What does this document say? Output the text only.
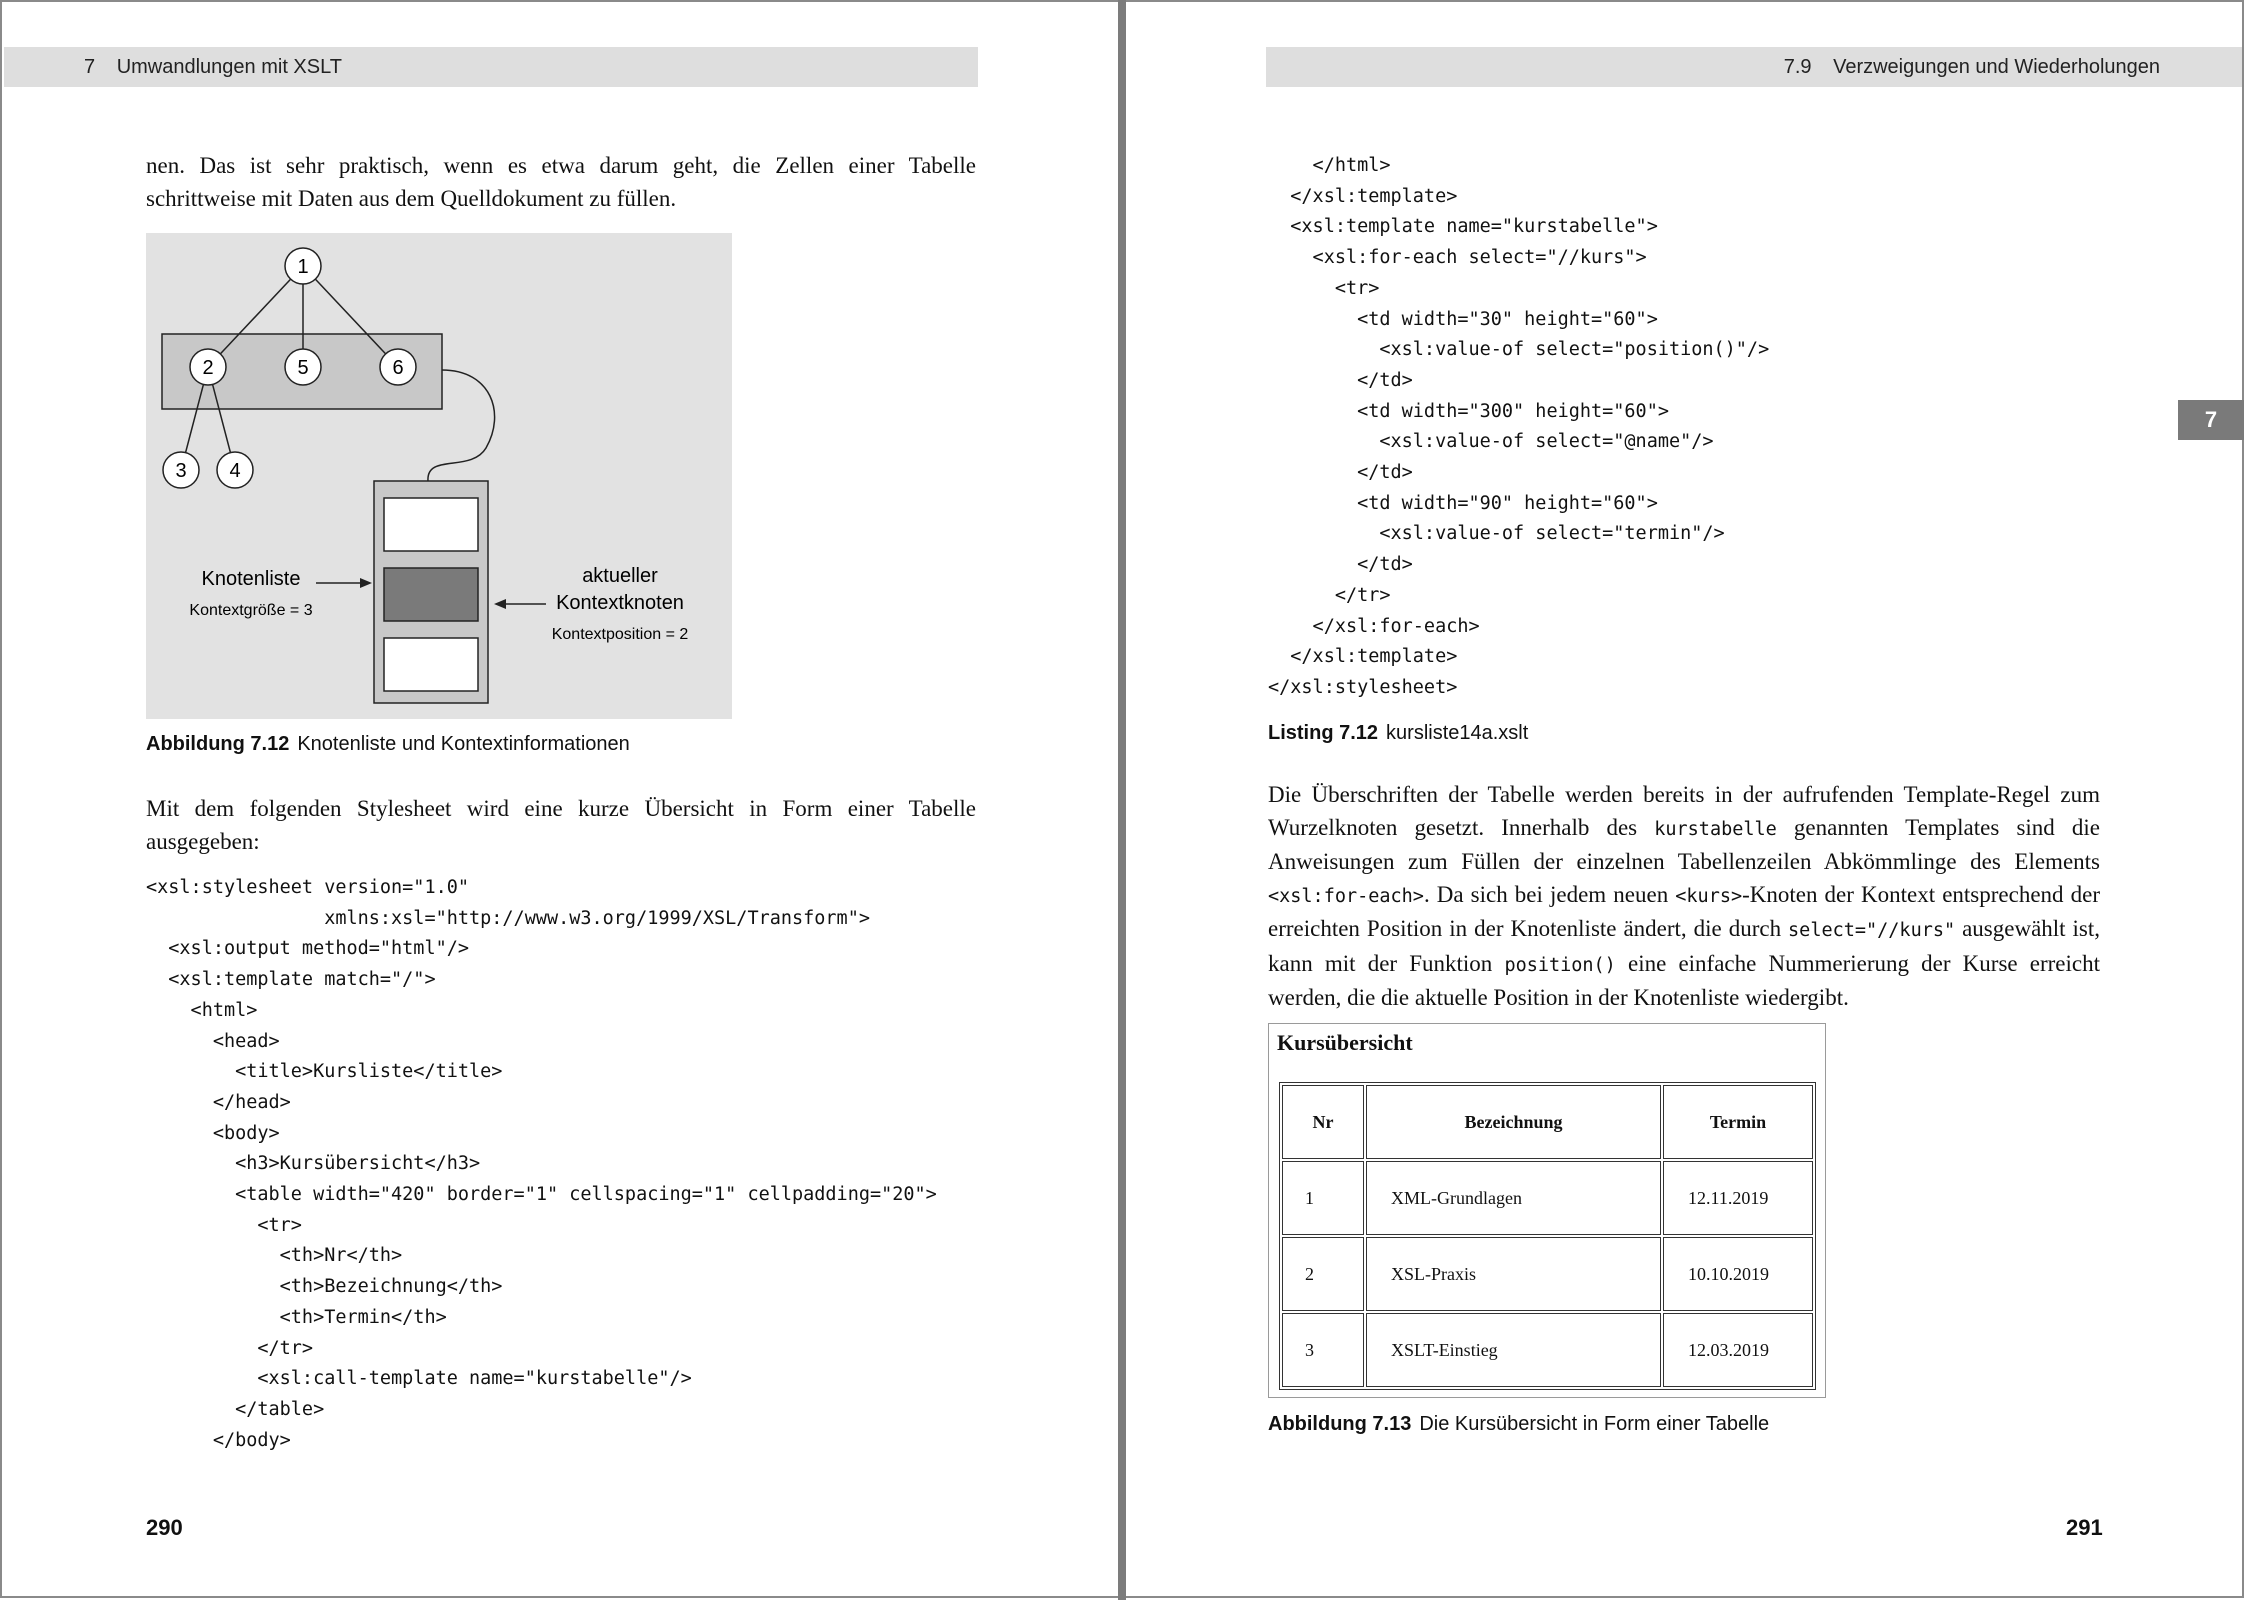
7 Umwandlungen mit XSLT
nen. Das ist sehr praktisch, wenn es etwa darum geht, die Zellen einer Tabelle schrittweise mit Daten aus dem Quelldokument zu füllen.
1
2	5	6
3 4
Knotenliste
Kontextgröße = 3
aktueller
Kontextknoten
Kontextposition = 2
Abbildung 7.12 Knotenliste und Kontextinformationen
Mit dem folgenden Stylesheet wird eine kurze Übersicht in Form einer Tabelle ausgegeben:
<xsl:stylesheet version="1.0"
xmlns:xsl="http://www.w3.org/1999/XSL/Transform">
<xsl:output method="html"/>
<xsl:template match="/">
<html>
<head>
<title>Kursliste</title>
</head>
<body>
<h3>Kursübersicht</h3>
<table width="420" border="1" cellspacing="1" cellpadding="20">
<tr>
<th>Nr</th>
<th>Bezeichnung</th>
<th>Termin</th>
</tr>
<xsl:call-template name="kurstabelle"/>
</table>
</body>
290
7.9 Verzweigungen und Wiederholungen
7
</html>
</xsl:template>
<xsl:template name="kurstabelle">
<xsl:for-each select="//kurs">
<tr>
<td width="30" height="60">
<xsl:value-of select="position()"/>
</td>
<td width="300" height="60">
<xsl:value-of select="@name"/>
</td>
<td width="90" height="60">
<xsl:value-of select="termin"/>
</td>
</tr>
</xsl:for-each>
</xsl:template>
</xsl:stylesheet>
Listing 7.12 kursliste14a.xslt
Die Überschriften der Tabelle werden bereits in der aufrufenden Template-Regel zum Wurzelknoten gesetzt. Innerhalb des kurstabelle genannten Templates sind die Anweisungen zum Füllen der einzelnen Tabellenzeilen Abkömmlinge des Elements <xsl:for-each>. Da sich bei jedem neuen <kurs>-Knoten der Kontext entsprechend der erreichten Position in der Knotenliste ändert, die durch select="//kurs" ausgewählt ist, kann mit der Funktion position() eine einfache Nummerierung der Kurse erreicht werden, die die aktuelle Position in der Knotenliste wiedergibt.
Kursübersicht
Nr	Bezeichnung	Termin
1	XML-Grundlagen	12.11.2019
2	XSL-Praxis	10.10.2019
3	XSLT-Einstieg	12.03.2019
Abbildung 7.13 Die Kursübersicht in Form einer Tabelle
291
